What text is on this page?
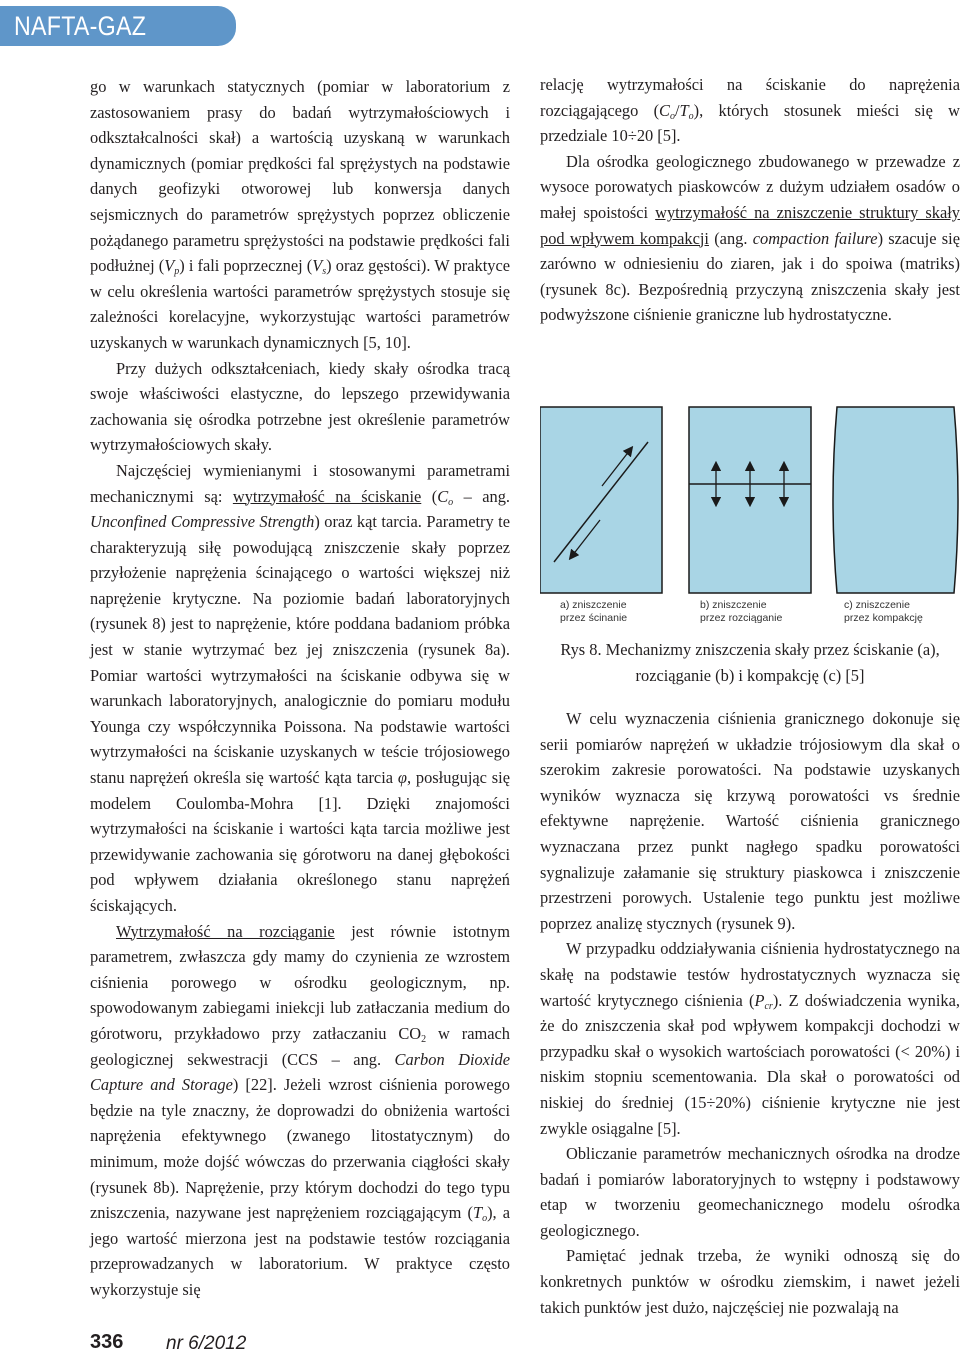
NAFTA-GAZ

go w warunkach statycznych (pomiar w laboratorium z zastosowaniem prasy do badań wytrzymałościowych i odkształcalności skał) a wartością uzyskaną w warunkach dynamicznych (pomiar prędkości fal sprężystych na podstawie danych geofizyki otworowej lub konwersja danych sejsmicznych do parametrów sprężystych poprzez obliczenie pożądanego parametru sprężystości na podstawie prędkości fali podłużnej $(V_p)$ i fali poprzecznej $(V_s)$ oraz gęstości). W praktyce w celu określenia wartości parametrów sprężystych stosuje się zależności korelacyjne, wykorzystując wartości parametrów uzyskanych w warunkach dynamicznych [5, 10].

Przy dużych odkształceniach, kiedy skały ośrodka tracą swoje właściwości elastyczne, do lepszego przewidywania zachowania się ośrodka potrzebne jest określenie parametrów wytrzymałościowych skały.

Najczęściej wymienianymi i stosowanymi parametrami mechanicznymi są: wytrzymałość na ściskanie ($C_o$ – ang. Unconfined Compressive Strength) oraz kąt tarcia. Parametry te charakteryzują siłę powodującą zniszczenie skały poprzez przyłożenie naprężenia ścinającego o wartości większej niż naprężenie krytyczne. Na poziomie badań laboratoryjnych (rysunek 8) jest to naprężenie, które poddana badaniom próbka jest w stanie wytrzymać bez jej zniszczenia (rysunek 8a). Pomiar wartości wytrzymałości na ściskanie odbywa się w warunkach laboratoryjnych, analogicznie do pomiaru modułu Younga czy współczynnika Poissona. Na podstawie wartości wytrzymałości na ściskanie uzyskanych w teście trójosiowego stanu naprężeń określa się wartość kąta tarcia φ, posługując się modelem Coulomba-Mohra [1]. Dzięki znajomości wytrzymałości na ściskanie i wartości kąta tarcia możliwe jest przewidywanie zachowania się górotworu na danej głębokości pod wpływem działania określonego stanu naprężeń ściskających.

Wytrzymałość na rozciąganie jest równie istotnym parametrem, zwłaszcza gdy mamy do czynienia ze wzrostem ciśnienia porowego w ośrodku geologicznym, np. spowodowanym zabiegami iniekcji lub zatłaczania medium do górotworu, przykładowo przy zatłaczaniu $CO_2$ w ramach geologicznej sekwestracji (CCS – ang. Carbon Dioxide Capture and Storage) [22]. Jeżeli wzrost ciśnienia porowego będzie na tyle znaczny, że doprowadzi do obniżenia wartości naprężenia efektywnego (zwanego litostatycznym) do minimum, może dojść wówczas do przerwania ciągłości skały (rysunek 8b). Naprężenie, przy którym dochodzi do tego typu zniszczenia, nazywane jest naprężeniem rozciągającym $(T_o)$, a jego wartość mierzona jest na podstawie testów rozciągania przeprowadzanych w laboratorium. W praktyce często wykorzystuje się

relację wytrzymałości na ściskanie do naprężenia rozciągającego $(C_o/T_o)$, których stosunek mieści się w przedziale 10÷20 [5].

Dla ośrodka geologicznego zbudowanego w przewadze z wysoce porowatych piaskowców z dużym udziałem osadów o małej spoistości wytrzymałość na zniszczenie struktury skały pod wpływem kompakcji (ang. compaction failure) szacuje się zarówno w odniesieniu do ziaren, jak i do spoiwa (matriks) (rysunek 8c). Bezpośrednią przyczyną zniszczenia skały jest podwyższone ciśnienie graniczne lub hydrostatyczne.

a) zniszczenie
przez ścinanie
b) zniszczenie
przez rozciąganie
c) zniszczenie
przez kompakcję
Rys 8. Mechanizmy zniszczenia skały przez ściskanie (a), rozciąganie (b) i kompakcję (c) [5]

W celu wyznaczenia ciśnienia granicznego dokonuje się serii pomiarów naprężeń w układzie trójosiowym dla skał o szerokim zakresie porowatości. Na podstawie uzyskanych wyników wyznacza się krzywą porowatości vs średnie efektywne naprężenie. Wartość ciśnienia granicznego wyznaczana przez punkt nagłego spadku porowatości sygnalizuje załamanie się struktury piaskowca i zniszczenie przestrzeni porowych. Ustalenie tego punktu jest możliwe poprzez analizę stycznych (rysunek 9).

W przypadku oddziaływania ciśnienia hydrostatycznego na skałę na podstawie testów hydrostatycznych wyznacza się wartość krytycznego ciśnienia $(P_{cr})$. Z doświadczenia wynika, że do zniszczenia skał pod wpływem kompakcji dochodzi w przypadku skał o wysokich wartościach porowatości (< 20%) i niskim stopniu scementowania. Dla skał o porowatości od niskiej do średniej (15÷20%) ciśnienie krytyczne nie jest zwykle osiągalne [5].

Obliczanie parametrów mechanicznych ośrodka na drodze badań i pomiarów laboratoryjnych to wstępny i podstawowy etap w tworzeniu geomechanicznego modelu ośrodka geologicznego.

Pamiętać jednak trzeba, że wyniki odnoszą się do konkretnych punktów w ośrodku ziemskim, i nawet jeżeli takich punktów jest dużo, najczęściej nie pozwalają na

336 nr 6/2012
